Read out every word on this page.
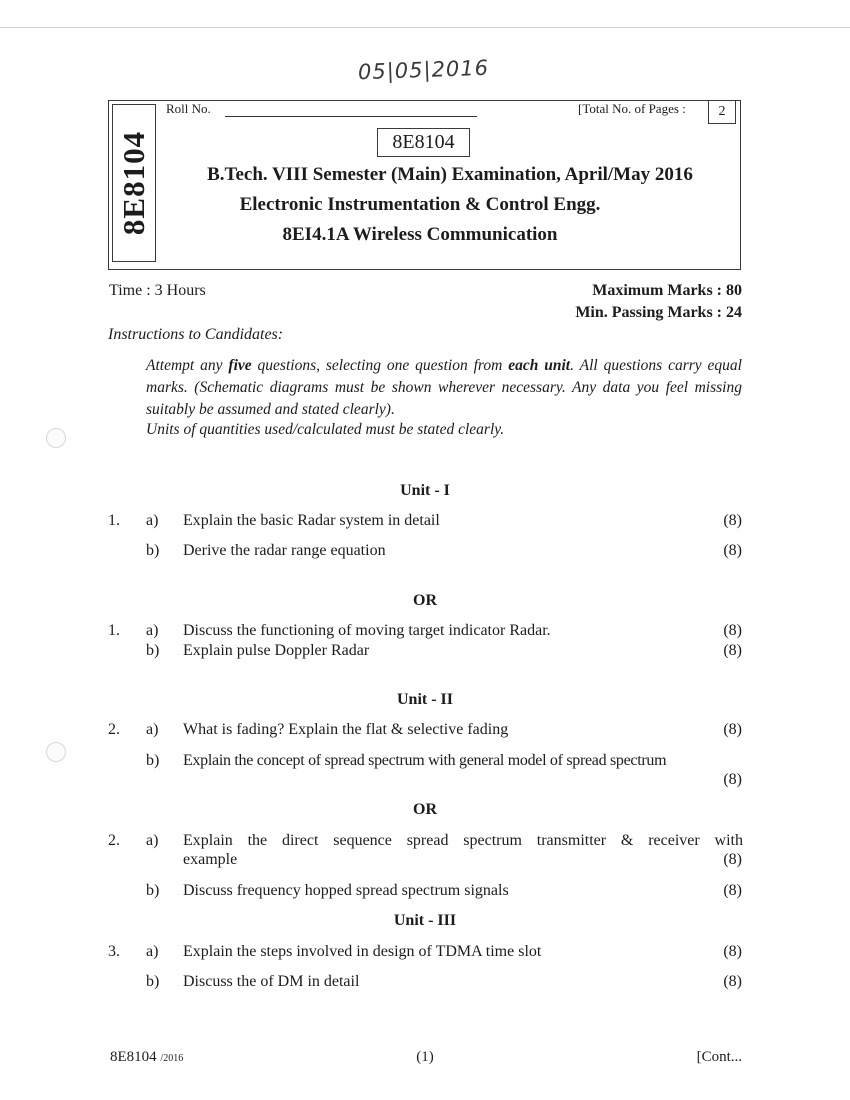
05|05|2016
8E8104
Roll No.	[Total No. of Pages :	2
8E8104
B.Tech. VIII Semester (Main) Examination, April/May 2016
Electronic Instrumentation & Control Engg.
8EI4.1A Wireless Communication
Time : 3 Hours	Maximum Marks : 80
Min. Passing Marks : 24
Instructions to Candidates:
Attempt any five questions, selecting one question from each unit. All questions carry equal marks. (Schematic diagrams must be shown wherever necessary. Any data you feel missing suitably be assumed and stated clearly).
Units of quantities used/calculated must be stated clearly.
Unit - I
1. a) Explain the basic Radar system in detail	(8)
b) Derive the radar range equation	(8)
OR
1. a) Discuss the functioning of moving target indicator Radar.	(8)
b) Explain pulse Doppler Radar	(8)
Unit - II
2. a) What is fading? Explain the flat & selective fading	(8)
b) Explain the concept of spread spectrum with general model of spread spectrum
(8)
OR
2. a) Explain the direct sequence spread spectrum transmitter & receiver with
example	(8)
b) Discuss frequency hopped spread spectrum signals	(8)
Unit - III
3. a) Explain the steps involved in design of TDMA time slot	(8)
b) Discuss the of DM in detail	(8)
8E8104 /2016	(1)	[Cont...
